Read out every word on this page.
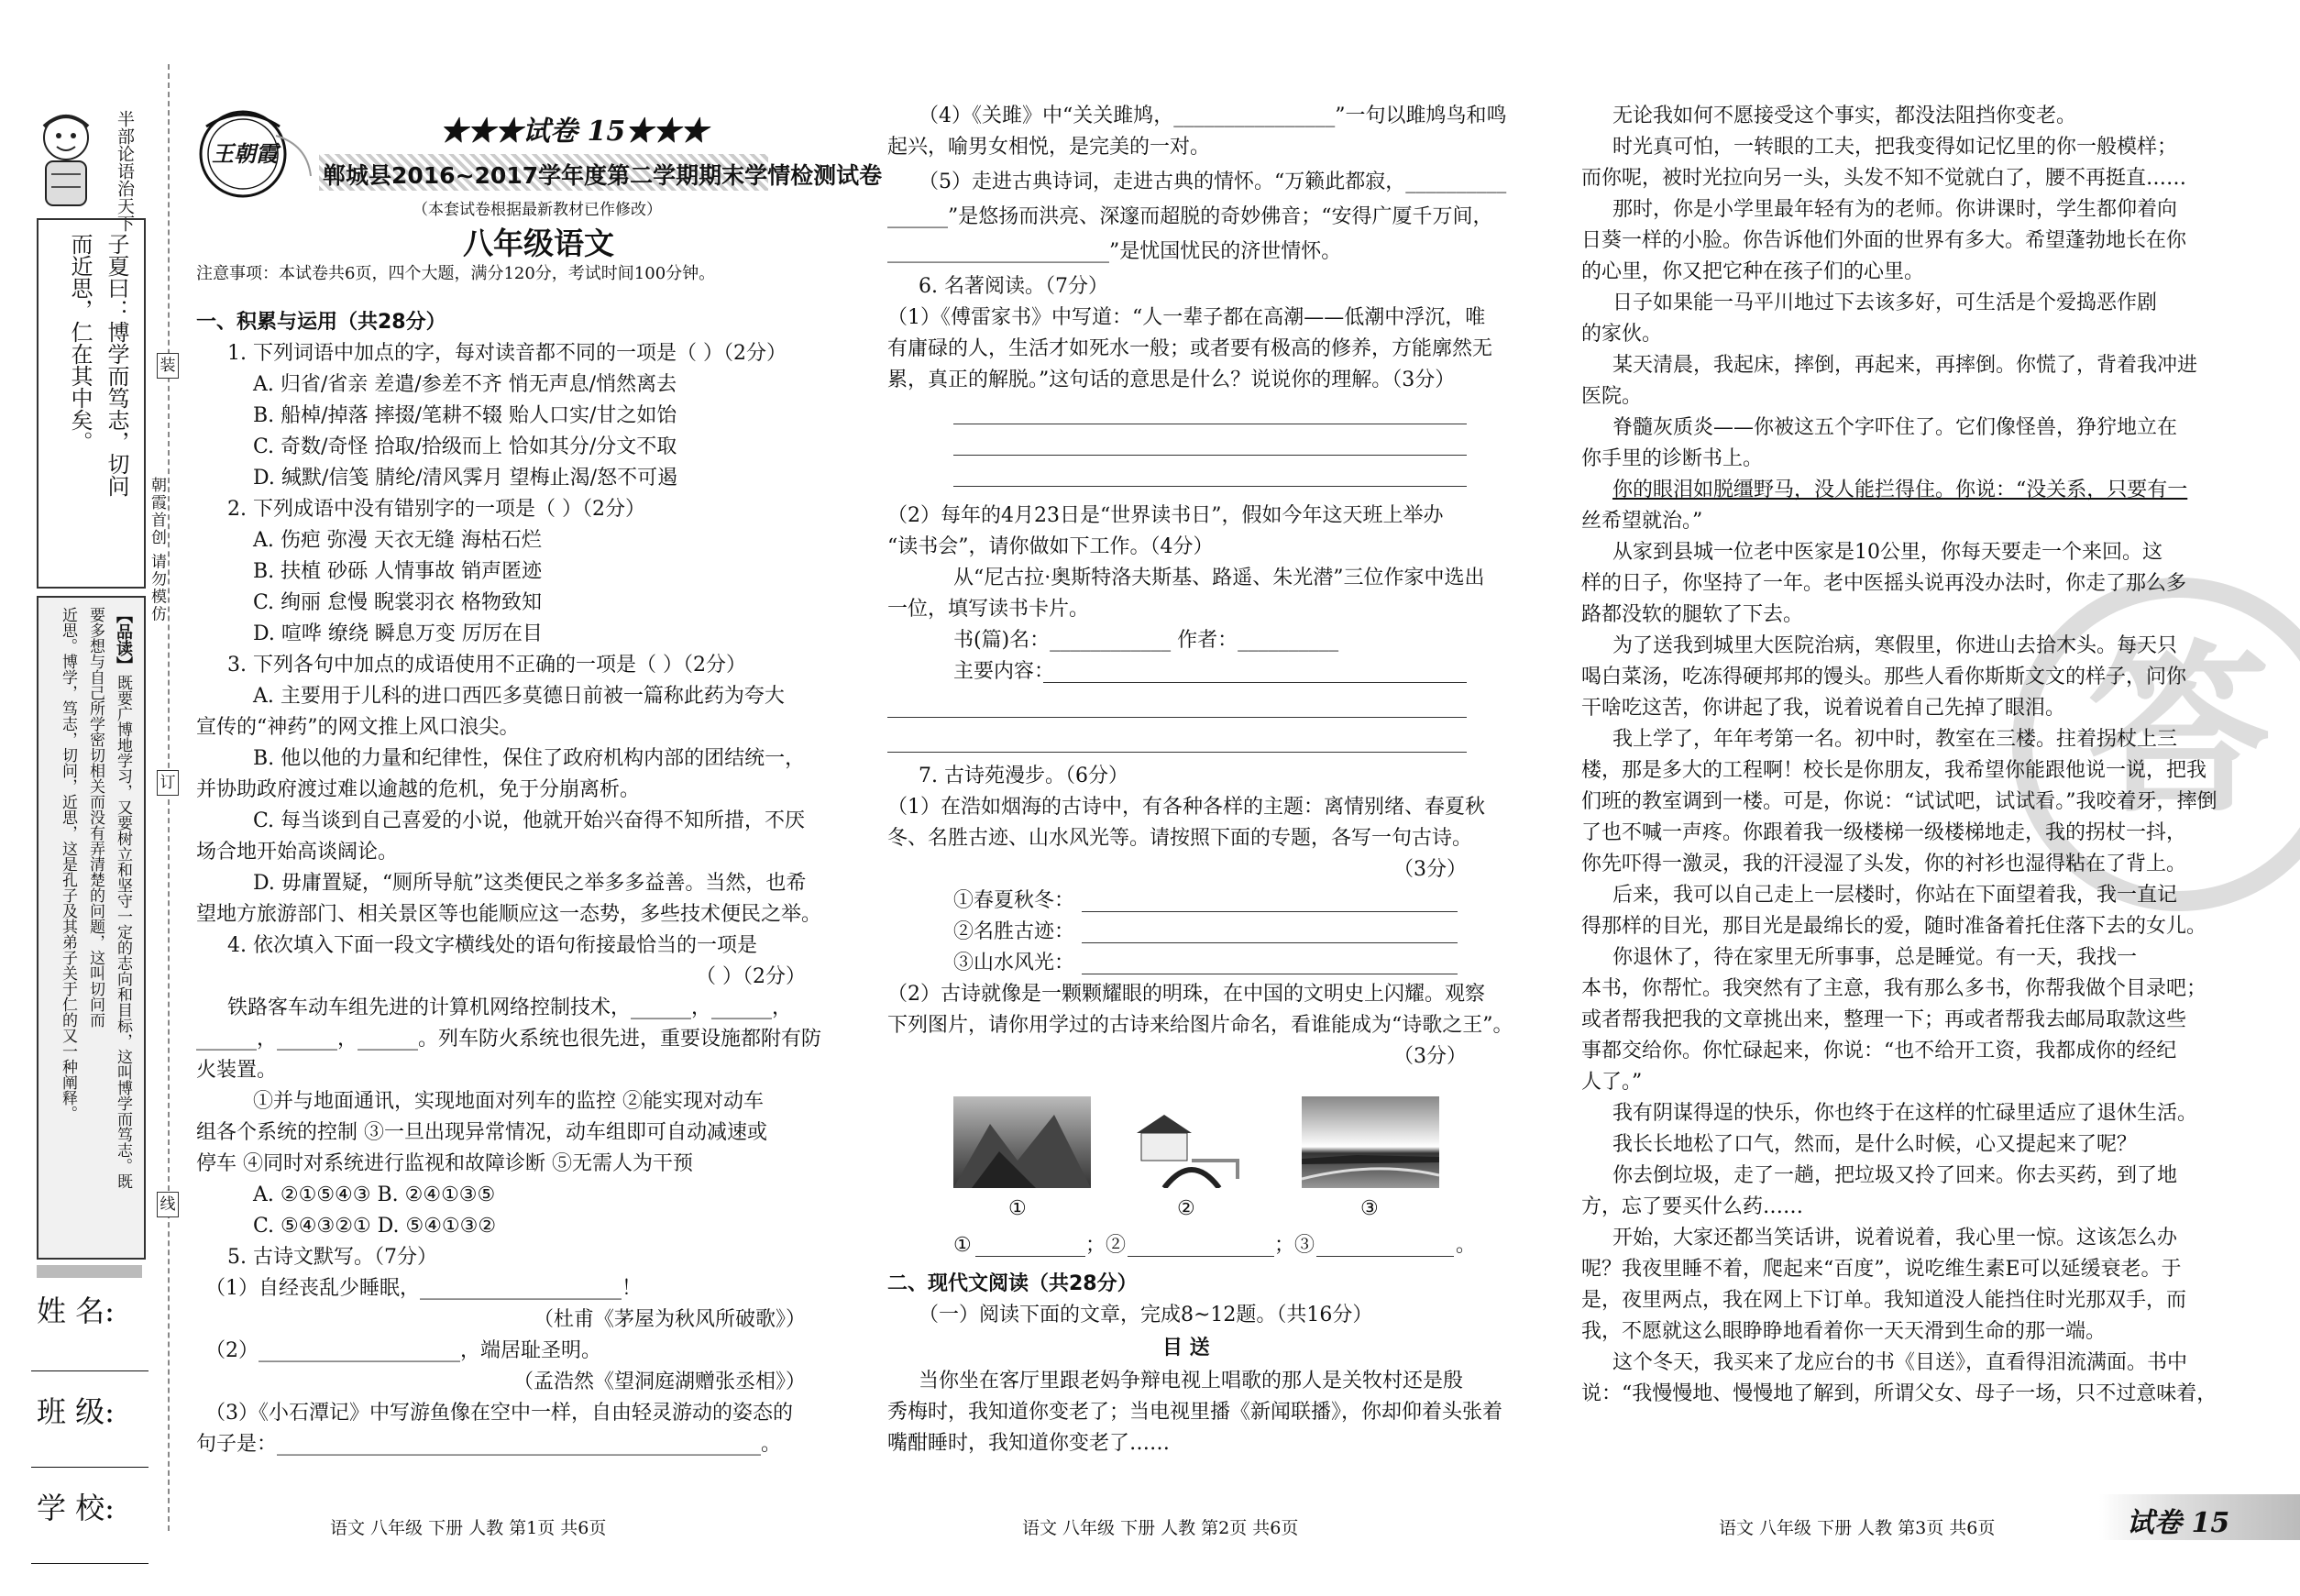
半部论语治天下
子夏曰：博学而笃志，切问
而近思，仁在其中矣。
【品读】
既要广博地学习，又要树立和坚守一定的志向和目标，这叫博学而笃志。既
要多想与自己所学密切相关而没有弄清楚的问题，这叫切问而
近思。博学，笃志，切问，近思，这是孔子及其弟子关于仁的又一种阐释。
姓 名:
班 级:
学 校:
装
订
线
朝霞首创 请勿模仿
王朝霞
★★★试卷 15★★★
郸城县2016~2017学年度第二学期期末学情检测试卷
（本套试卷根据最新教材已作修改）
八年级语文
注意事项：本试卷共6页，四个大题，满分120分，考试时间100分钟。
一、积累与运用（共28分）
1. 下列词语中加点的字，每对读音都不同的一项是（ ）（2分）
A. 归省/省亲 差遣/参差不齐 悄无声息/悄然离去
B. 船棹/掉落 摔掇/笔耕不辍 贻人口实/甘之如饴
C. 奇数/奇怪 拾取/拾级而上 恰如其分/分文不取
D. 缄默/信笺 腈纶/清风霁月 望梅止渴/怒不可遏
2. 下列成语中没有错别字的一项是（ ）（2分）
A. 伤疤 弥漫 天衣无缝 海枯石烂
B. 扶植 砂砾 人情事故 销声匿迹
C. 绚丽 怠慢 睨裳羽衣 格物致知
D. 喧哗 缭绕 瞬息万变 厉厉在目
3. 下列各句中加点的成语使用不正确的一项是（ ）（2分）
A. 主要用于儿科的进口西匹多莫德日前被一篇称此药为夸大
宣传的“神药”的网文推上风口浪尖。
B. 他以他的力量和纪律性，保住了政府机构内部的团结统一，
并协助政府渡过难以逾越的危机，免于分崩离析。
C. 每当谈到自己喜爱的小说，他就开始兴奋得不知所措，不厌
场合地开始高谈阔论。
D. 毋庸置疑，“厕所导航”这类便民之举多多益善。当然，也希
望地方旅游部门、相关景区等也能顺应这一态势，多些技术便民之举。
4. 依次填入下面一段文字横线处的语句衔接最恰当的一项是
（ ）（2分）
铁路客车动车组先进的计算机网络控制技术，______，______，
______，______，______。列车防火系统也很先进，重要设施都附有防
火装置。
①并与地面通讯，实现地面对列车的监控 ②能实现对动车
组各个系统的控制 ③一旦出现异常情况，动车组即可自动减速或
停车 ④同时对系统进行监视和故障诊断 ⑤无需人为干预
A. ②①⑤④③ B. ②④①③⑤
C. ⑤④③②① D. ⑤④①③②
5. 古诗文默写。（7分）
（1）自经丧乱少睡眠，____________________！
（杜甫《茅屋为秋风所破歌》）
（2）____________________，端居耻圣明。
（孟浩然《望洞庭湖赠张丞相》）
（3）《小石潭记》中写游鱼像在空中一样，自由轻灵游动的姿态的
句子是：________________________________________________。
（4）《关雎》中“关关雎鸠，________________”一句以雎鸠鸟和鸣
起兴，喻男女相悦，是完美的一对。
（5）走进古典诗词，走进古典的情怀。“万籁此都寂，__________
______”是悠扬而洪亮、深邃而超脱的奇妙佛音；“安得广厦千万间，
______________________”是忧国忧民的济世情怀。
6. 名著阅读。（7分）
（1）《傅雷家书》中写道：“人一辈子都在高潮——低潮中浮沉，唯
有庸碌的人，生活才如死水一般；或者要有极高的修养，方能廓然无
累，真正的解脱。”这句话的意思是什么？说说你的理解。（3分）
（2）每年的4月23日是“世界读书日”，假如今年这天班上举办
“读书会”，请你做如下工作。（4分）
从“尼古拉·奥斯特洛夫斯基、路遥、朱光潜”三位作家中选出
一位，填写读书卡片。
书(篇)名：____________ 作者：__________
主要内容：
7. 古诗苑漫步。（6分）
（1）在浩如烟海的古诗中，有各种各样的主题：离情别绪、春夏秋
冬、名胜古迹、山水风光等。请按照下面的专题，各写一句古诗。
（3分）
①春夏秋冬：
②名胜古迹：
③山水风光：
（2）古诗就像是一颗颗耀眼的明珠，在中国的文明史上闪耀。观察
下列图片，请你用学过的古诗来给图片命名，看谁能成为“诗歌之王”。
（3分）
①	②	③
①	；②	；③	。
二、现代文阅读（共28分）
（一）阅读下面的文章，完成8~12题。（共16分）
目 送
当你坐在客厅里跟老妈争辩电视上唱歌的那人是关牧村还是殷
秀梅时，我知道你变老了；当电视里播《新闻联播》，你却仰着头张着
嘴酣睡时，我知道你变老了……
答
无论我如何不愿接受这个事实，都没法阻挡你变老。
时光真可怕，一转眼的工夫，把我变得如记忆里的你一般模样；
而你呢，被时光拉向另一头，头发不知不觉就白了，腰不再挺直……
那时，你是小学里最年轻有为的老师。你讲课时，学生都仰着向
日葵一样的小脸。你告诉他们外面的世界有多大。希望蓬勃地长在你
的心里，你又把它种在孩子们的心里。
日子如果能一马平川地过下去该多好，可生活是个爱捣恶作剧
的家伙。
某天清晨，我起床，摔倒，再起来，再摔倒。你慌了，背着我冲进
医院。
脊髓灰质炎——你被这五个字吓住了。它们像怪兽，狰狞地立在
你手里的诊断书上。
你的眼泪如脱缰野马，没人能拦得住。你说：“没关系，只要有一
丝希望就治。”
从家到县城一位老中医家是10公里，你每天要走一个来回。这
样的日子，你坚持了一年。老中医摇头说再没办法时，你走了那么多
路都没软的腿软了下去。
为了送我到城里大医院治病，寒假里，你进山去拾木头。每天只
喝白菜汤，吃冻得硬邦邦的馒头。那些人看你斯斯文文的样子，问你
干啥吃这苦，你讲起了我，说着说着自己先掉了眼泪。
我上学了，年年考第一名。初中时，教室在三楼。拄着拐杖上三
楼，那是多大的工程啊！校长是你朋友，我希望你能跟他说一说，把我
们班的教室调到一楼。可是，你说：“试试吧，试试看。”我咬着牙，摔倒
了也不喊一声疼。你跟着我一级楼梯一级楼梯地走，我的拐杖一抖，
你先吓得一激灵，我的汗浸湿了头发，你的衬衫也湿得粘在了背上。
后来，我可以自己走上一层楼时，你站在下面望着我，我一直记
得那样的目光，那目光是最绵长的爱，随时准备着托住落下去的女儿。
你退休了，待在家里无所事事，总是睡觉。有一天，我找一
本书，你帮忙。我突然有了主意，我有那么多书，你帮我做个目录吧；
或者帮我把我的文章挑出来，整理一下；再或者帮我去邮局取款这些
事都交给你。你忙碌起来，你说：“也不给开工资，我都成你的经纪
人了。”
我有阴谋得逞的快乐，你也终于在这样的忙碌里适应了退休生活。
我长长地松了口气，然而，是什么时候，心又提起来了呢？
你去倒垃圾，走了一趟，把垃圾又拎了回来。你去买药，到了地
方，忘了要买什么药……
开始，大家还都当笑话讲，说着说着，我心里一惊。这该怎么办
呢？我夜里睡不着，爬起来“百度”，说吃维生素E可以延缓衰老。于
是，夜里两点，我在网上下订单。我知道没人能挡住时光那双手，而
我，不愿就这么眼睁睁地看着你一天天滑到生命的那一端。
这个冬天，我买来了龙应台的书《目送》，直看得泪流满面。书中
说：“我慢慢地、慢慢地了解到，所谓父女、母子一场，只不过意味着，
语文 八年级 下册 人教 第1页 共6页	语文 八年级 下册 人教 第2页 共6页	语文 八年级 下册 人教 第3页 共6页	试卷 15
